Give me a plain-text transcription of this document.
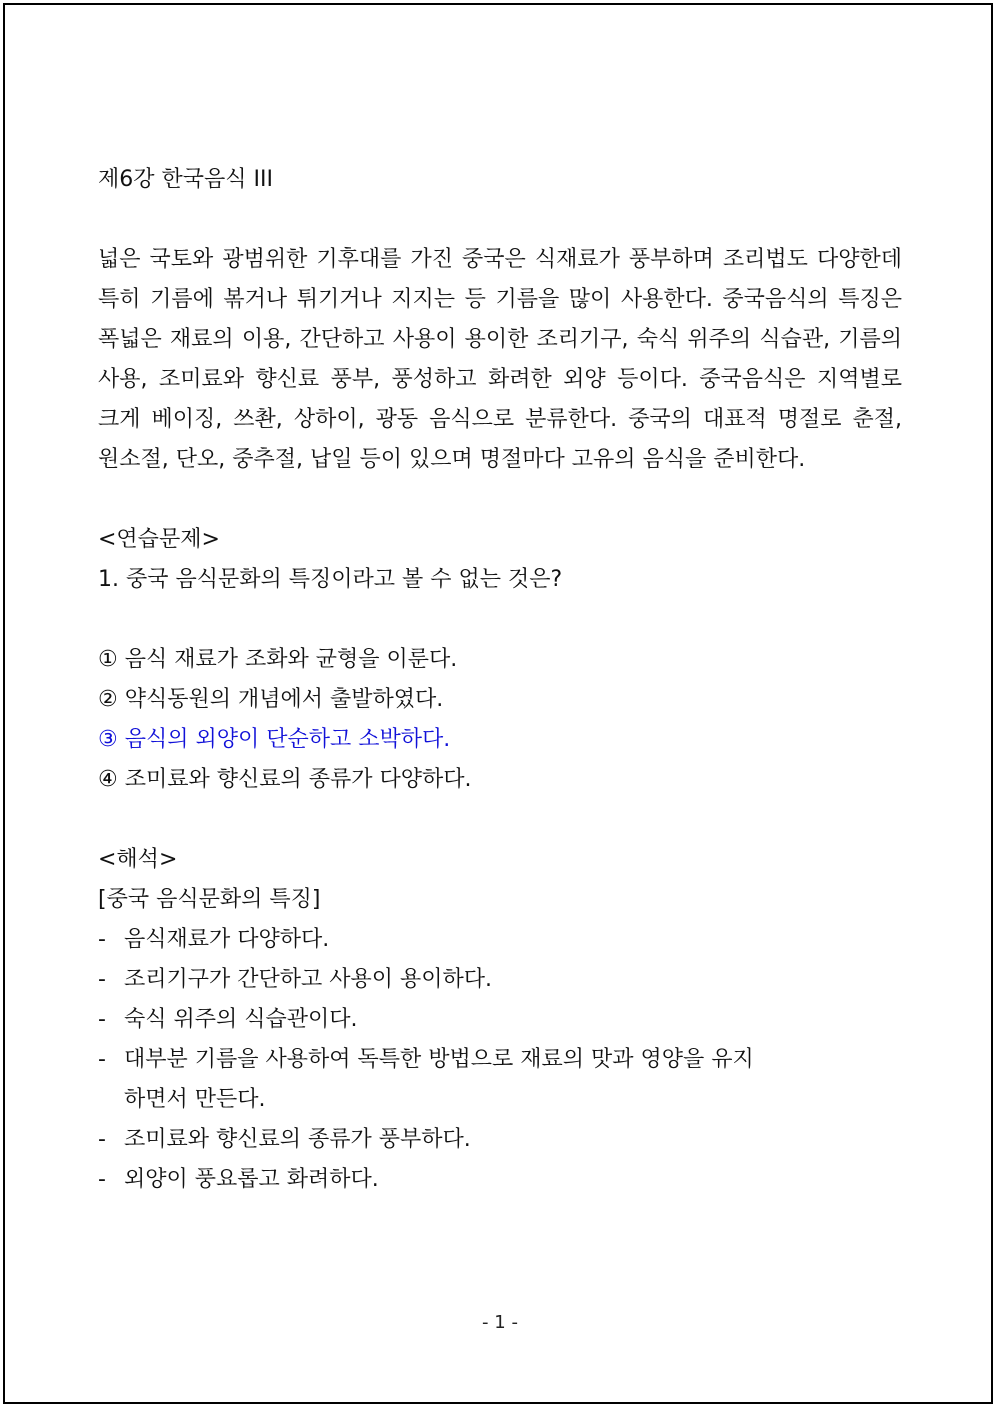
제6강 한국음식 III
넓은 국토와 광범위한 기후대를 가진 중국은 식재료가 풍부하며 조리법도 다양한데 특히 기름에 볶거나 튀기거나 지지는 등 기름을 많이 사용한다. 중국음식의 특징은 폭넓은 재료의 이용, 간단하고 사용이 용이한 조리기구, 숙식 위주의 식습관, 기름의 사용, 조미료와 향신료 풍부, 풍성하고 화려한 외양 등이다. 중국음식은 지역별로 크게 베이징, 쓰촨, 상하이, 광동 음식으로 분류한다. 중국의 대표적 명절로 춘절, 원소절, 단오, 중추절, 납일 등이 있으며 명절마다 고유의 음식을 준비한다.
<연습문제>
1. 중국 음식문화의 특징이라고 볼 수 없는 것은?
① 음식 재료가 조화와 균형을 이룬다.
② 약식동원의 개념에서 출발하였다.
③ 음식의 외양이 단순하고 소박하다.
④ 조미료와 향신료의 종류가 다양하다.
<해석>
[중국 음식문화의 특징]
- 음식재료가 다양하다.
- 조리기구가 간단하고 사용이 용이하다.
- 숙식 위주의 식습관이다.
- 대부분 기름을 사용하여 독특한 방법으로 재료의 맛과 영양을 유지하면서 만든다.
- 조미료와 향신료의 종류가 풍부하다.
- 외양이 풍요롭고 화려하다.
- 1 -
